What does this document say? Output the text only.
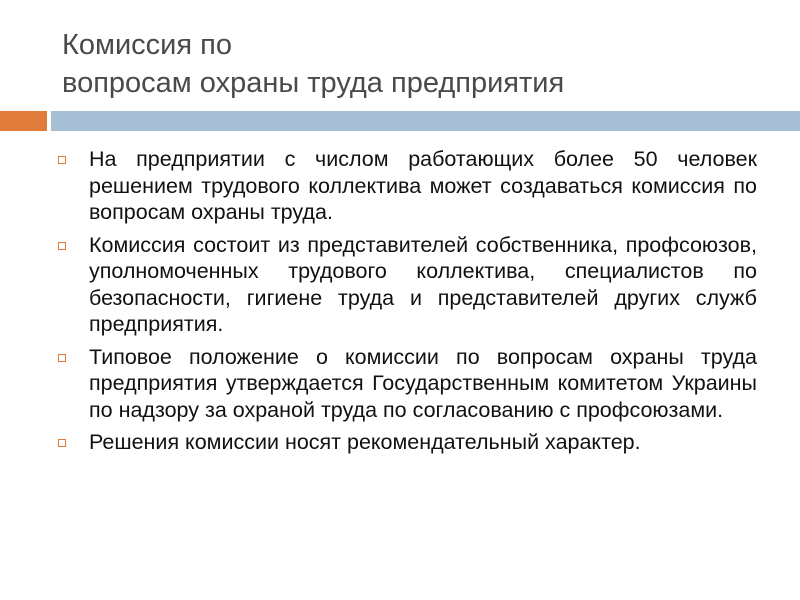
Комиссия по
вопросам охраны труда предприятия
На предприятии с числом работающих более 50 человек решением трудового коллектива может создаваться комиссия по вопросам охраны труда.
Комиссия состоит из представителей собственника, профсоюзов, уполномоченных трудового коллектива, специалистов по безопасности, гигиене труда и представителей других служб предприятия.
Типовое положение о комиссии по вопросам охраны труда предприятия утверждается Государственным комитетом Украины по надзору за охраной труда по согласованию с профсоюзами.
Решения комиссии носят рекомендательный характер.
